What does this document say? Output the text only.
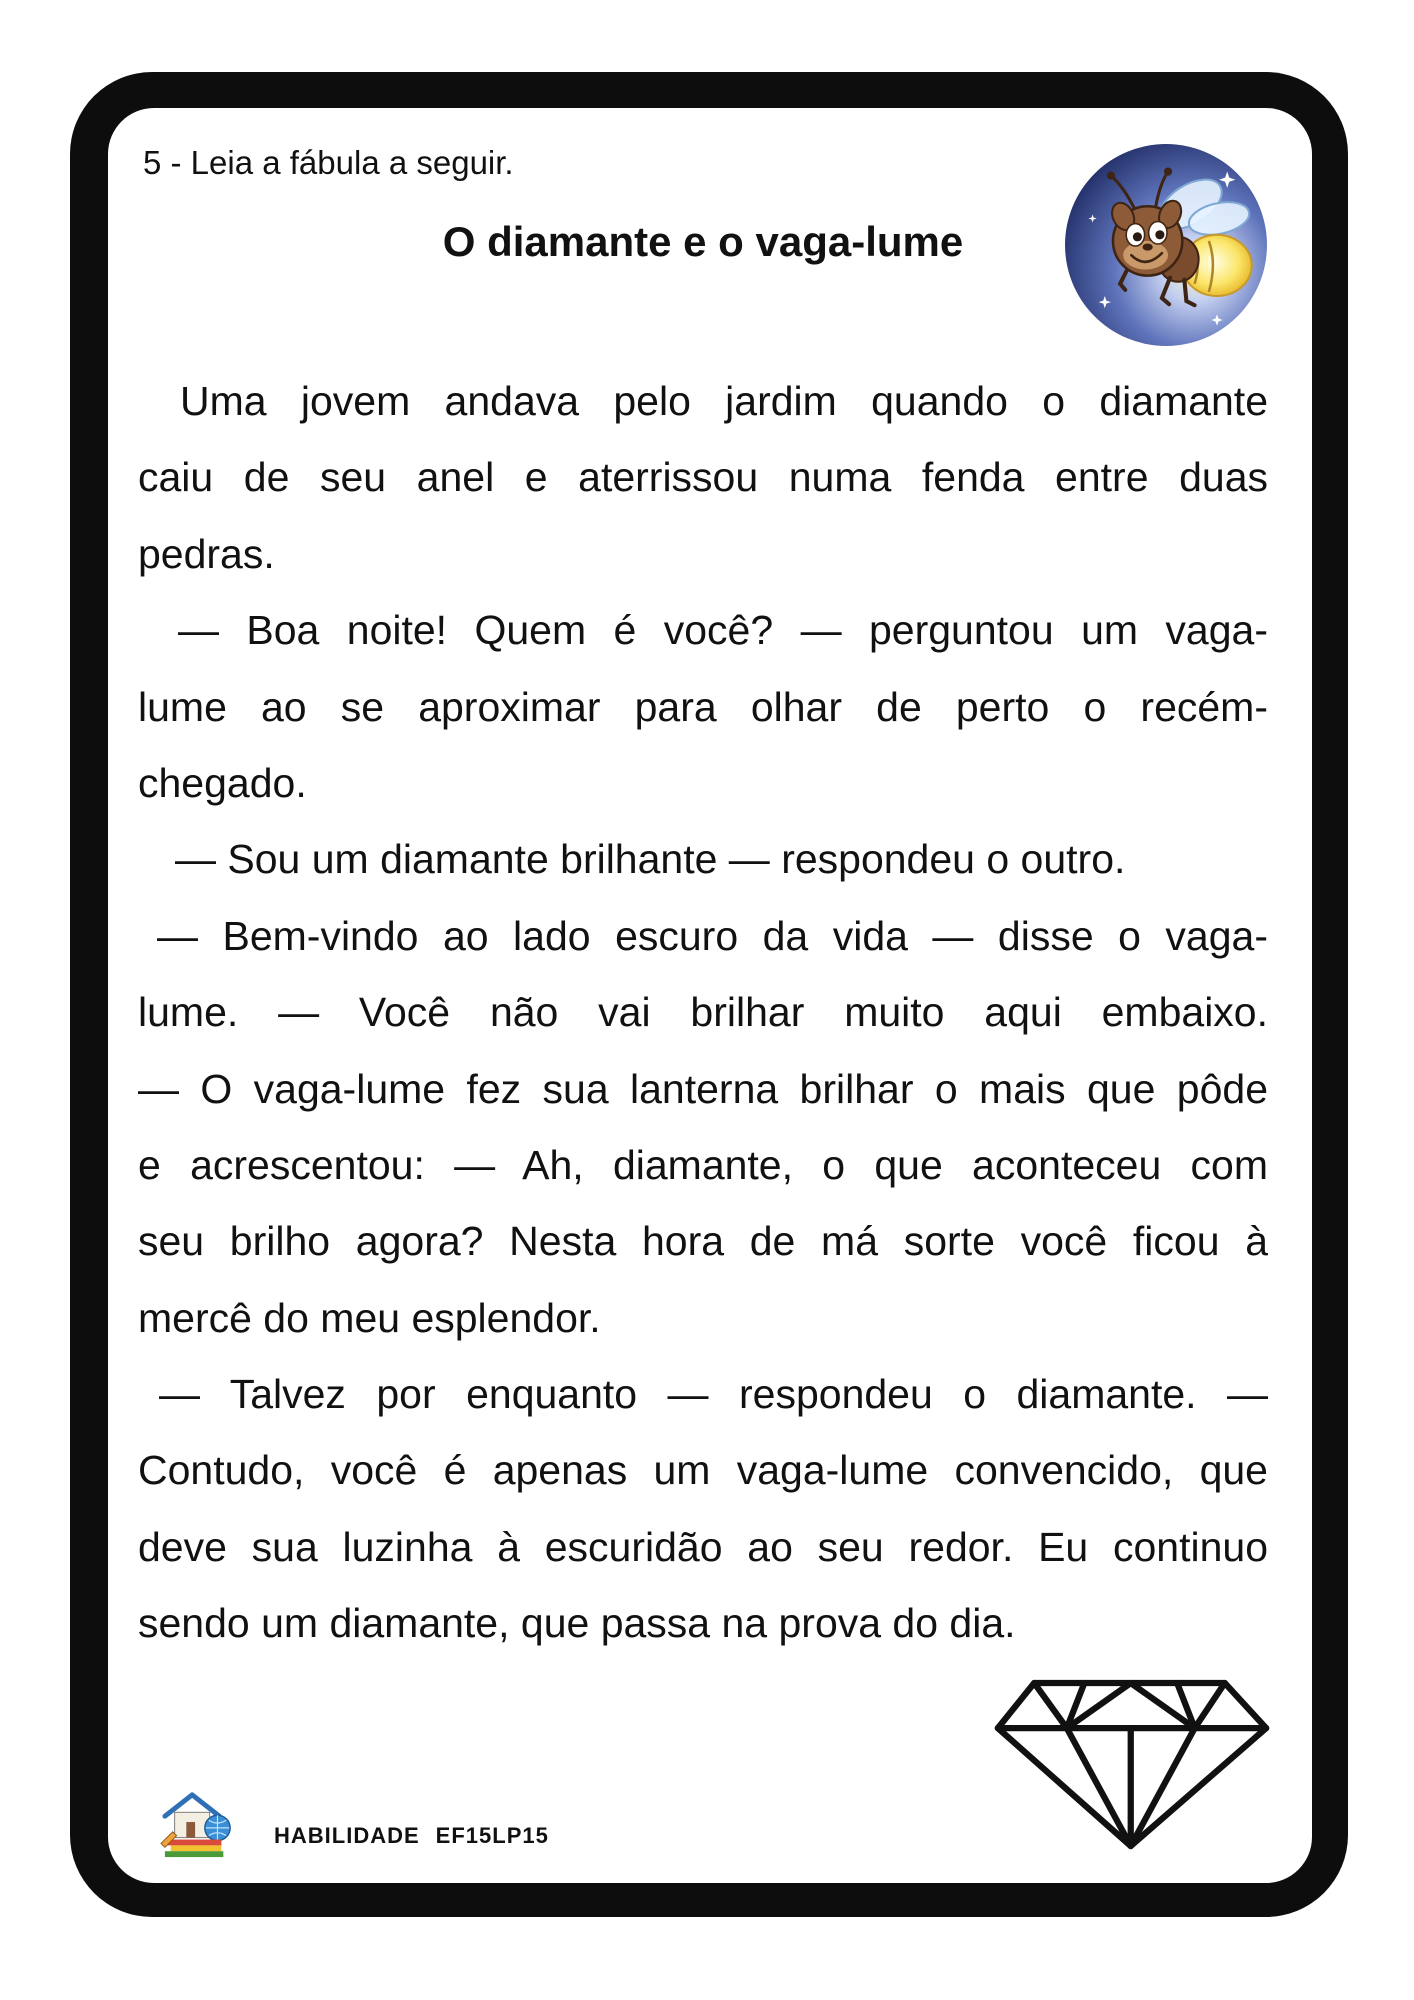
5 - Leia a fábula a seguir.
O diamante e o vaga-lume
Uma jovem andava pelo jardim quando o diamante
caiu de seu anel e aterrissou numa fenda entre duas
pedras.
— Boa noite! Quem é você? — perguntou um vaga-
lume ao se aproximar para olhar de perto o recém-
chegado.
— Sou um diamante brilhante — respondeu o outro.
— Bem-vindo ao lado escuro da vida — disse o vaga-
lume. — Você não vai brilhar muito aqui embaixo.
— O vaga-lume fez sua lanterna brilhar o mais que pôde
e acrescentou: — Ah, diamante, o que aconteceu com
seu brilho agora? Nesta hora de má sorte você ficou à
mercê do meu esplendor.
— Talvez por enquanto — respondeu o diamante. —
Contudo, você é apenas um vaga-lume convencido, que
deve sua luzinha à escuridão ao seu redor. Eu continuo
sendo um diamante, que passa na prova do dia.
HABILIDADE EF15LP15
